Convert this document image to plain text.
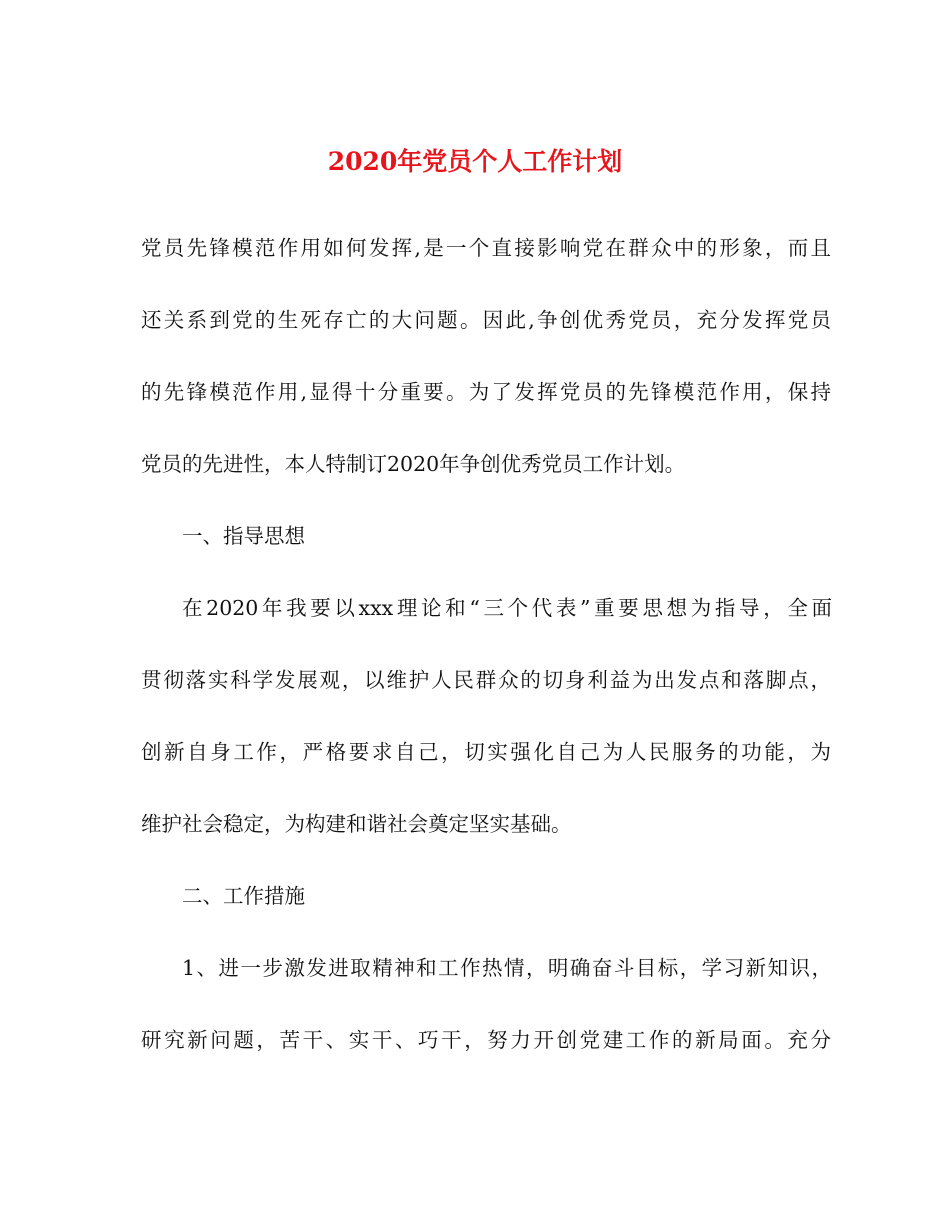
2020年党员个人工作计划
党员先锋模范作用如何发挥,是一个直接影响党在群众中的形象，而且
还关系到党的生死存亡的大问题。因此,争创优秀党员，充分发挥党员
的先锋模范作用,显得十分重要。为了发挥党员的先锋模范作用，保持
党员的先进性，本人特制订2020年争创优秀党员工作计划。
一、指导思想
在2020年我要以xxx理论和“三个代表”重要思想为指导，全面
贯彻落实科学发展观，以维护人民群众的切身利益为出发点和落脚点，
创新自身工作，严格要求自己，切实强化自己为人民服务的功能，为
维护社会稳定，为构建和谐社会奠定坚实基础。
二、工作措施
1、进一步激发进取精神和工作热情，明确奋斗目标，学习新知识，
研究新问题，苦干、实干、巧干，努力开创党建工作的新局面。充分
